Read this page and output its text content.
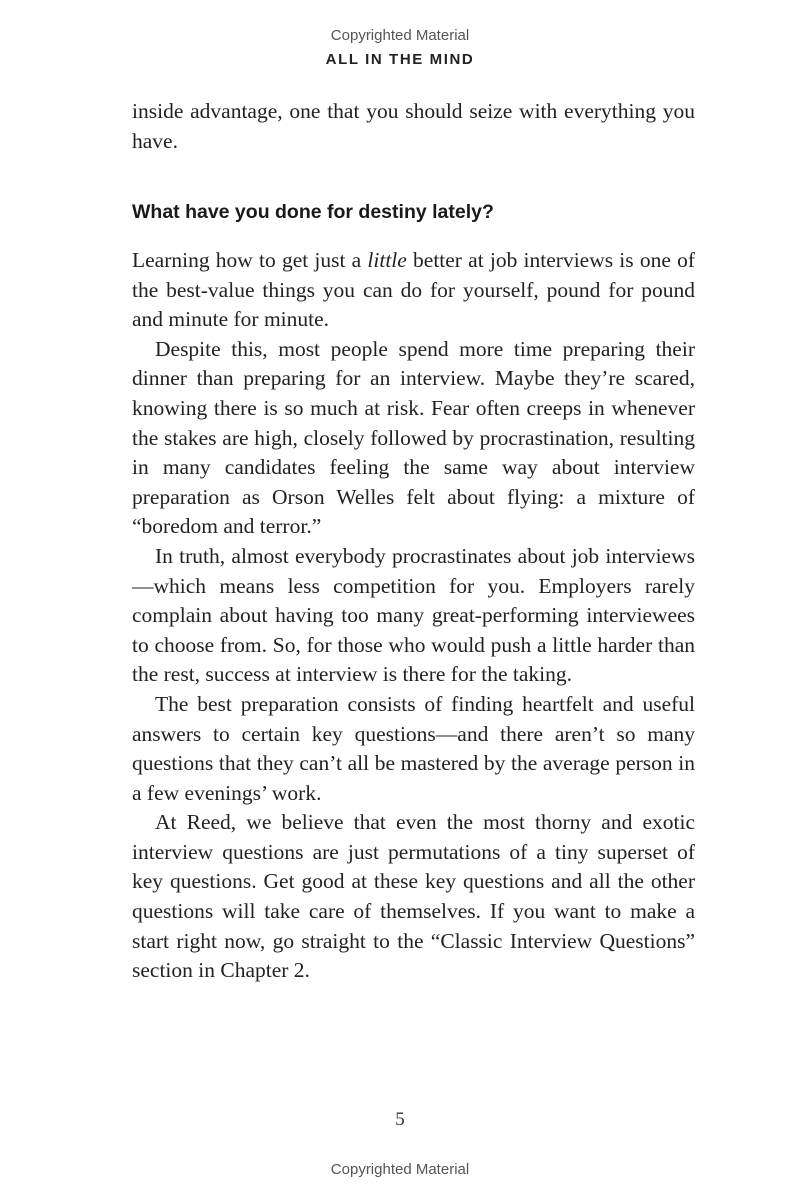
Copyrighted Material
ALL IN THE MIND

inside advantage, one that you should seize with everything you have.

What have you done for destiny lately?

Learning how to get just a little better at job interviews is one of the best-value things you can do for yourself, pound for pound and minute for minute.

Despite this, most people spend more time preparing their dinner than preparing for an interview. Maybe they’re scared, knowing there is so much at risk. Fear often creeps in whenever the stakes are high, closely followed by procrastination, resulting in many candidates feeling the same way about interview preparation as Orson Welles felt about flying: a mixture of “boredom and terror.”

In truth, almost everybody procrastinates about job interviews—which means less competition for you. Employers rarely complain about having too many great-performing interviewees to choose from. So, for those who would push a little harder than the rest, success at interview is there for the taking.

The best preparation consists of finding heartfelt and useful answers to certain key questions—and there aren’t so many questions that they can’t all be mastered by the average person in a few evenings’ work.

At Reed, we believe that even the most thorny and exotic interview questions are just permutations of a tiny superset of key questions. Get good at these key questions and all the other questions will take care of themselves. If you want to make a start right now, go straight to the “Classic Interview Questions” section in Chapter 2.

5
Copyrighted Material
